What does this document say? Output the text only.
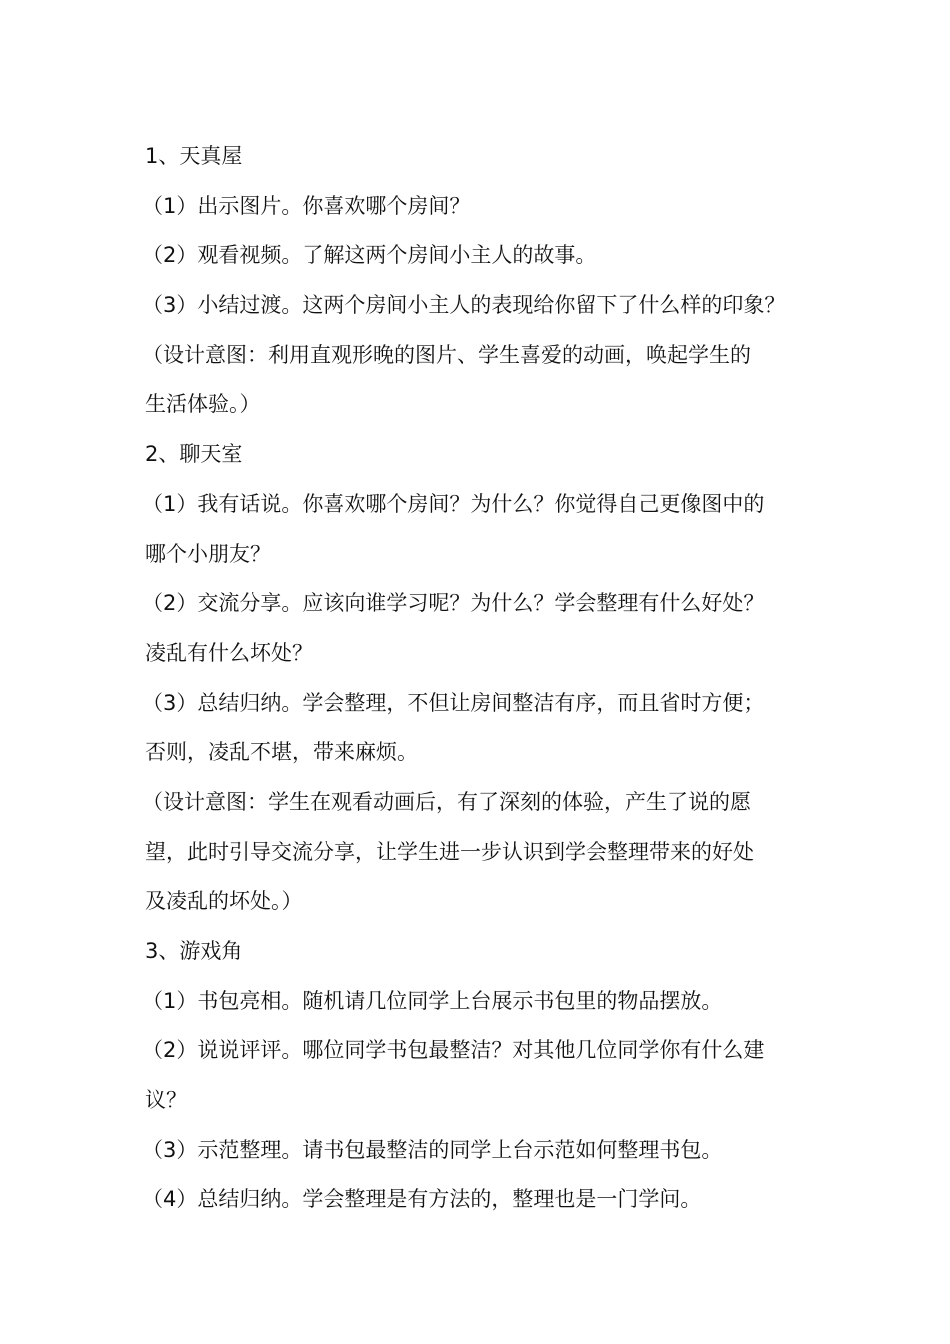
1、天真屋
（1）出示图片。你喜欢哪个房间？
（2）观看视频。了解这两个房间小主人的故事。
（3）小结过渡。这两个房间小主人的表现给你留下了什么样的印象？
（设计意图：利用直观形晚的图片、学生喜爱的动画，唤起学生的
生活体验。）
2、聊天室
（1）我有话说。你喜欢哪个房间？为什么？你觉得自己更像图中的
哪个小朋友？
（2）交流分享。应该向谁学习呢？为什么？学会整理有什么好处？
凌乱有什么坏处？
（3）总结归纳。学会整理，不但让房间整洁有序，而且省时方便；
否则，凌乱不堪，带来麻烦。
（设计意图：学生在观看动画后，有了深刻的体验，产生了说的愿
望，此时引导交流分享，让学生进一步认识到学会整理带来的好处
及凌乱的坏处。）
3、游戏角
（1）书包亮相。随机请几位同学上台展示书包里的物品摆放。
（2）说说评评。哪位同学书包最整洁？对其他几位同学你有什么建
议？
（3）示范整理。请书包最整洁的同学上台示范如何整理书包。
（4）总结归纳。学会整理是有方法的，整理也是一门学问。
